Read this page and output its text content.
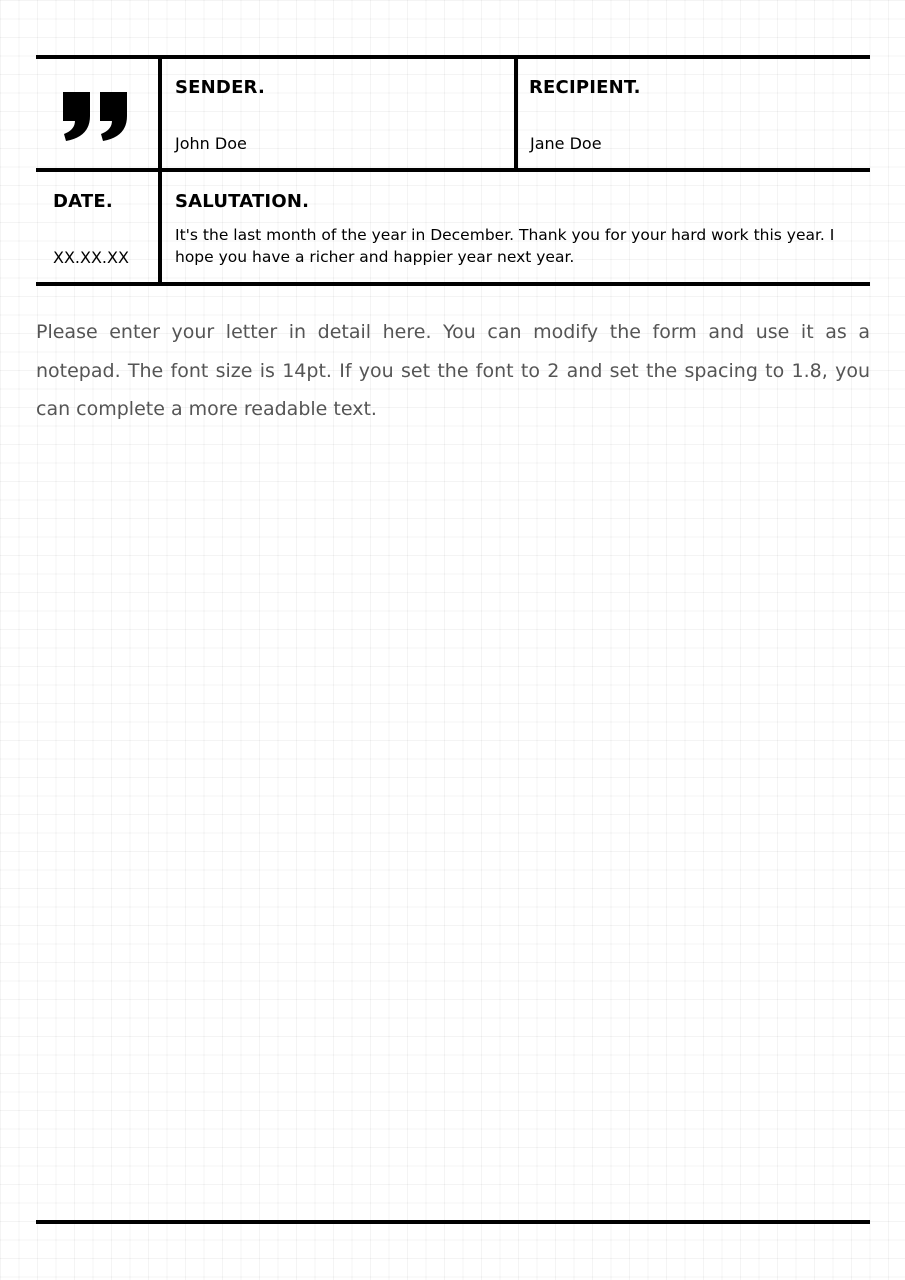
SENDER.
John Doe
RECIPIENT.
Jane Doe
DATE.
XX.XX.XX
SALUTATION.
It's the last month of the year in December. Thank you for your hard work this year. I hope you have a richer and happier year next year.
Please enter your letter in detail here. You can modify the form and use it as a notepad. The font size is 14pt. If you set the font to 2 and set the spacing to 1.8, you can complete a more readable text.
